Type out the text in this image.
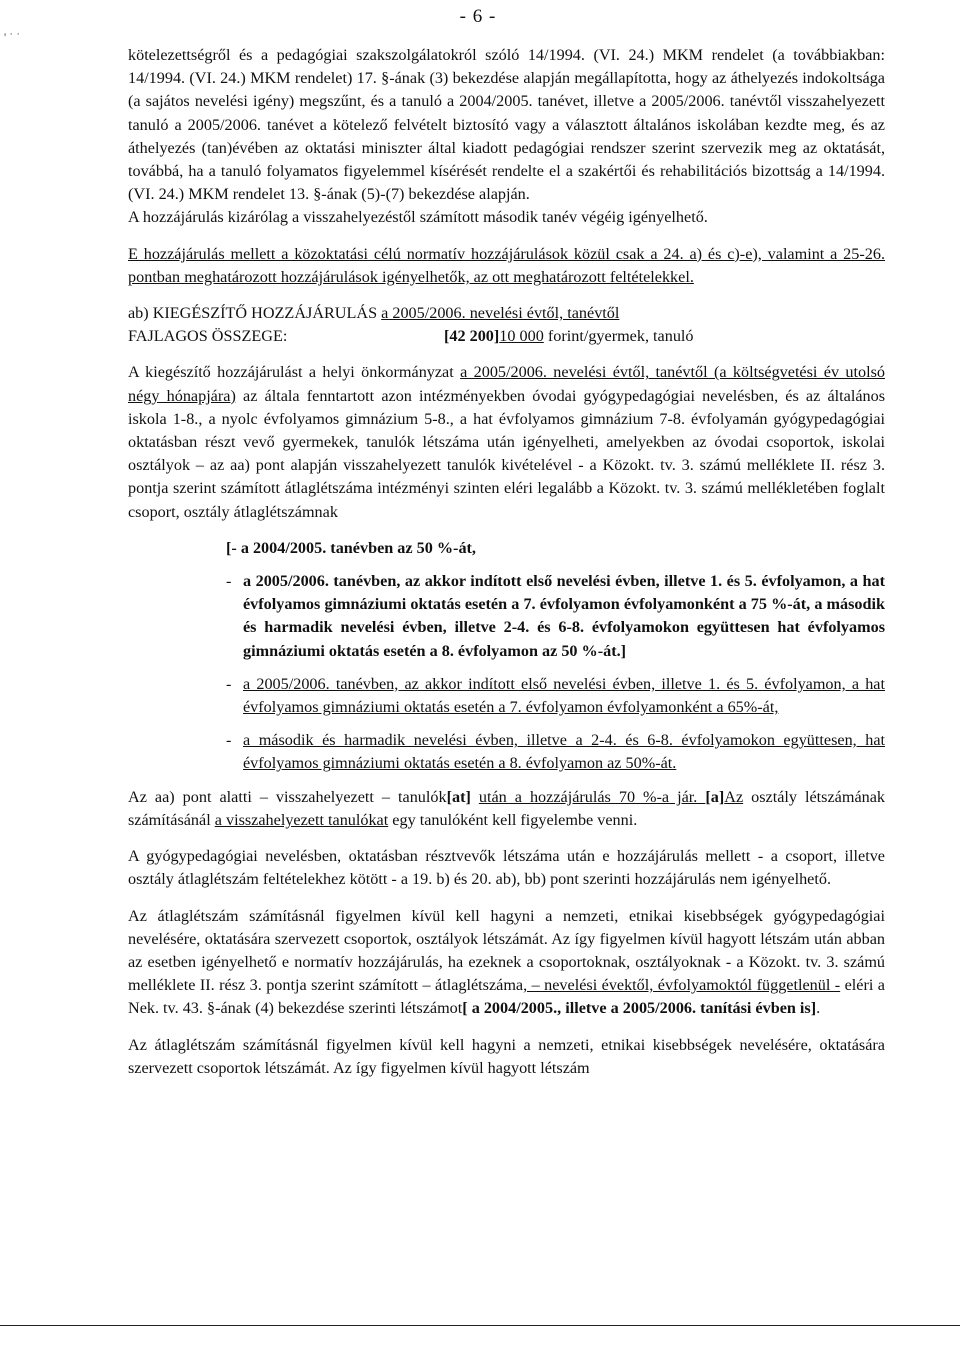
- 6 -
' ˙ ˙

kötelezettségről és a pedagógiai szakszolgálatokról szóló 14/1994. (VI. 24.) MKM rendelet (a továbbiakban: 14/1994. (VI. 24.) MKM rendelet) 17. §-ának (3) bekezdése alapján megállapította, hogy az áthelyezés indokoltsága (a sajátos nevelési igény) megszűnt, és a tanuló a 2004/2005. tanévet, illetve a 2005/2006. tanévtől visszahelyezett tanuló a 2005/2006. tanévet a kötelező felvételt biztosító vagy a választott általános iskolában kezdte meg, és az áthelyezés (tan)évében az oktatási miniszter által kiadott pedagógiai rendszer szerint szervezik meg az oktatását, továbbá, ha a tanuló folyamatos figyelemmel kísérését rendelte el a szakértői és rehabilitációs bizottság a 14/1994. (VI. 24.) MKM rendelet 13. §-ának (5)-(7) bekezdése alapján.
A hozzájárulás kizárólag a visszahelyezéstől számított második tanév végéig igényelhető.

E hozzájárulás mellett a közoktatási célú normatív hozzájárulások közül csak a 24. a) és c)-e), valamint a 25-26. pontban meghatározott hozzájárulások igényelhetők, az ott meghatározott feltételekkel.

ab) KIEGÉSZÍTŐ HOZZÁJÁRULÁS a 2005/2006. nevelési évtől, tanévtől
FAJLAGOS ÖSSZEGE:	[42 200] 10 000 forint/gyermek, tanuló

A kiegészítő hozzájárulást a helyi önkormányzat a 2005/2006. nevelési évtől, tanévtől (a költségvetési év utolsó négy hónapjára) az általa fenntartott azon intézményekben óvodai gyógypedagógiai nevelésben, és az általános iskola 1-8., a nyolc évfolyamos gimnázium 5-8., a hat évfolyamos gimnázium 7-8. évfolyamán gyógypedagógiai oktatásban részt vevő gyermekek, tanulók létszáma után igényelheti, amelyekben az óvodai csoportok, iskolai osztályok – az aa) pont alapján visszahelyezett tanulók kivételével - a Közokt. tv. 3. számú melléklete II. rész 3. pontja szerint számított átlaglétszáma intézményi szinten eléri legalább a Közokt. tv. 3. számú mellékletében foglalt csoport, osztály átlaglétszámnak

[- a 2004/2005. tanévben az 50 %-át,
- a 2005/2006. tanévben, az akkor indított első nevelési évben, illetve 1. és 5. évfolyamon, a hat évfolyamos gimnáziumi oktatás esetén a 7. évfolyamon évfolyamonként a 75 %-át, a második és harmadik nevelési évben, illetve 2-4. és 6-8. évfolyamokon együttesen hat évfolyamos gimnáziumi oktatás esetén a 8. évfolyamon az 50 %-át.]
- a 2005/2006. tanévben, az akkor indított első nevelési évben, illetve 1. és 5. évfolyamon, a hat évfolyamos gimnáziumi oktatás esetén a 7. évfolyamon évfolyamonként a 65%-át,
- a második és harmadik nevelési évben, illetve a 2-4. és 6-8. évfolyamokon együttesen, hat évfolyamos gimnáziumi oktatás esetén a 8. évfolyamon az 50%-át.

Az aa) pont alatti – visszahelyezett – tanulók[at] után a hozzájárulás 70 %-a jár. [a]Az osztály létszámának számításánál a visszahelyezett tanulókat egy tanulóként kell figyelembe venni.

A gyógypedagógiai nevelésben, oktatásban résztvevők létszáma után e hozzájárulás mellett - a csoport, illetve osztály átlaglétszám feltételekhez kötött - a 19. b) és 20. ab), bb) pont szerinti hozzájárulás nem igényelhető.

Az átlaglétszám számításnál figyelmen kívül kell hagyni a nemzeti, etnikai kisebbségek gyógypedagógiai nevelésére, oktatására szervezett csoportok, osztályok létszámát. Az így figyelmen kívül hagyott létszám után abban az esetben igényelhető e normatív hozzájárulás, ha ezeknek a csoportoknak, osztályoknak - a Közokt. tv. 3. számú melléklete II. rész 3. pontja szerint számított – átlaglétszáma, – nevelési évektől, évfolyamoktól függetlenül - eléri a Nek. tv. 43. §-ának (4) bekezdése szerinti létszámot[ a 2004/2005., illetve a 2005/2006. tanítási évben is].

Az átlaglétszám számításnál figyelmen kívül kell hagyni a nemzeti, etnikai kisebbségek nevelésére, oktatására szervezett csoportok létszámát. Az így figyelmen kívül hagyott létszám
